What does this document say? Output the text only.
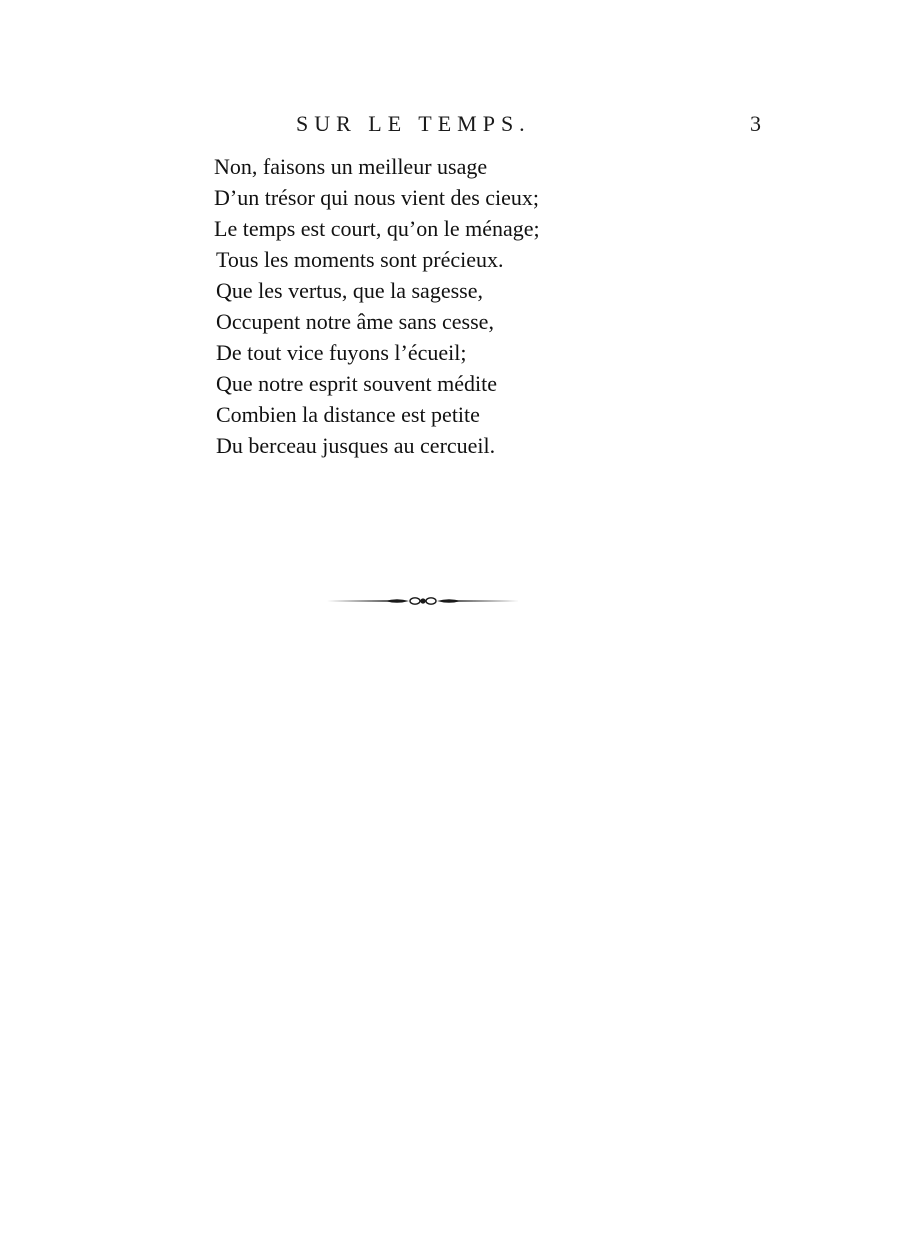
SUR LE TEMPS.	3
Non, faisons un meilleur usage
D’un trésor qui nous vient des cieux;
Le temps est court, qu’on le ménage;
Tous les moments sont précieux.
Que les vertus, que la sagesse,
Occupent notre âme sans cesse,
De tout vice fuyons l’écueil;
Que notre esprit souvent médite
Combien la distance est petite
Du berceau jusques au cercueil.
